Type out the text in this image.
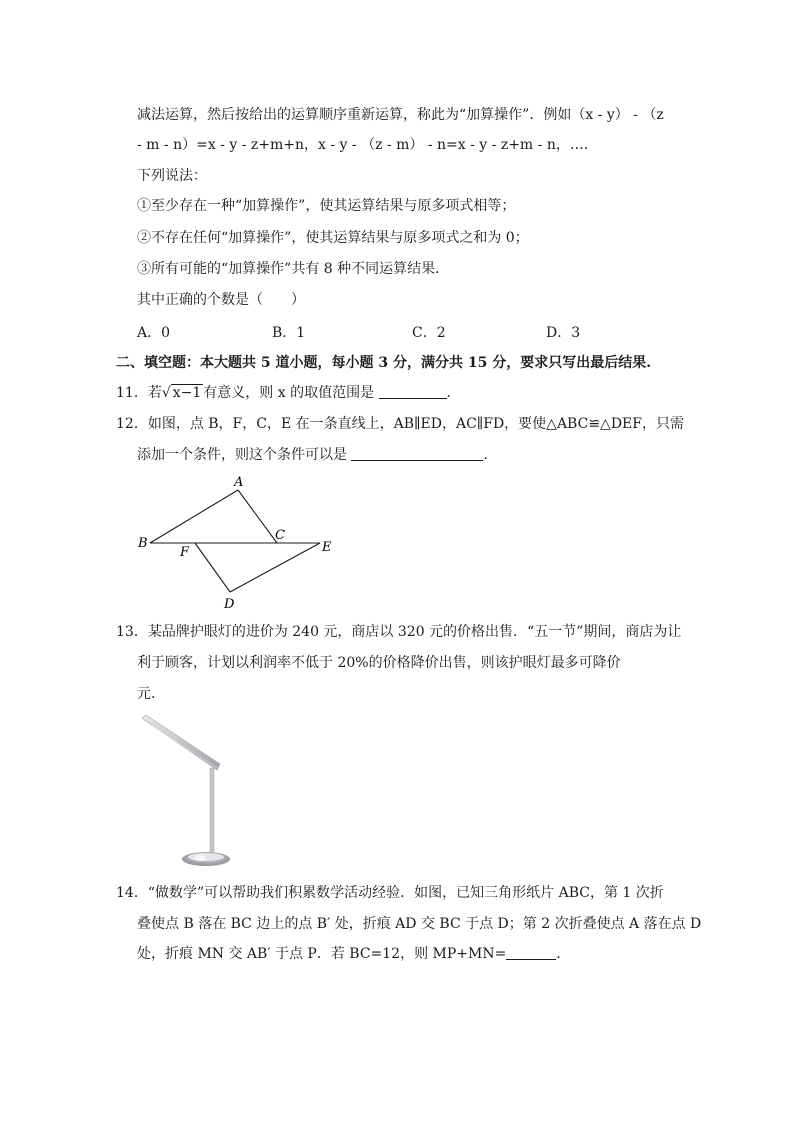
减法运算，然后按给出的运算顺序重新运算，称此为“加算操作”．例如（x - y） - （z
- m - n）=x - y - z+m+n，x - y - （z - m） - n=x - y - z+m - n，….
下列说法：
①至少存在一种“加算操作”，使其运算结果与原多项式相等；
②不存在任何“加算操作”，使其运算结果与原多项式之和为 0；
③所有可能的“加算操作”共有 8 种不同运算结果．
其中正确的个数是（　　）
A．0	B．1	C．2	D．3
二、填空题：本大题共 5 道小题，每小题 3 分，满分共 15 分，要求只写出最后结果.
11．若√ x−1 有意义，则 x 的取值范围是	．
12．如图，点 B，F，C，E 在一条直线上，AB∥ED，AC∥FD，要使△ABC≌△DEF，只需
添加一个条件，则这个条件可以是	．
A
B
C
D
E
F
13．某品牌护眼灯的进价为 240 元，商店以 320 元的价格出售．“五一节”期间，商店为让
利于顾客，计划以利润率不低于 20%的价格降价出售，则该护眼灯最多可降价
元．
14．“做数学”可以帮助我们积累数学活动经验．如图，已知三角形纸片 ABC，第 1 次折
叠使点 B 落在 BC 边上的点 B′ 处，折痕 AD 交 BC 于点 D；第 2 次折叠使点 A 落在点 D
处，折痕 MN 交 AB′ 于点 P．若 BC=12，则 MP+MN=	．
